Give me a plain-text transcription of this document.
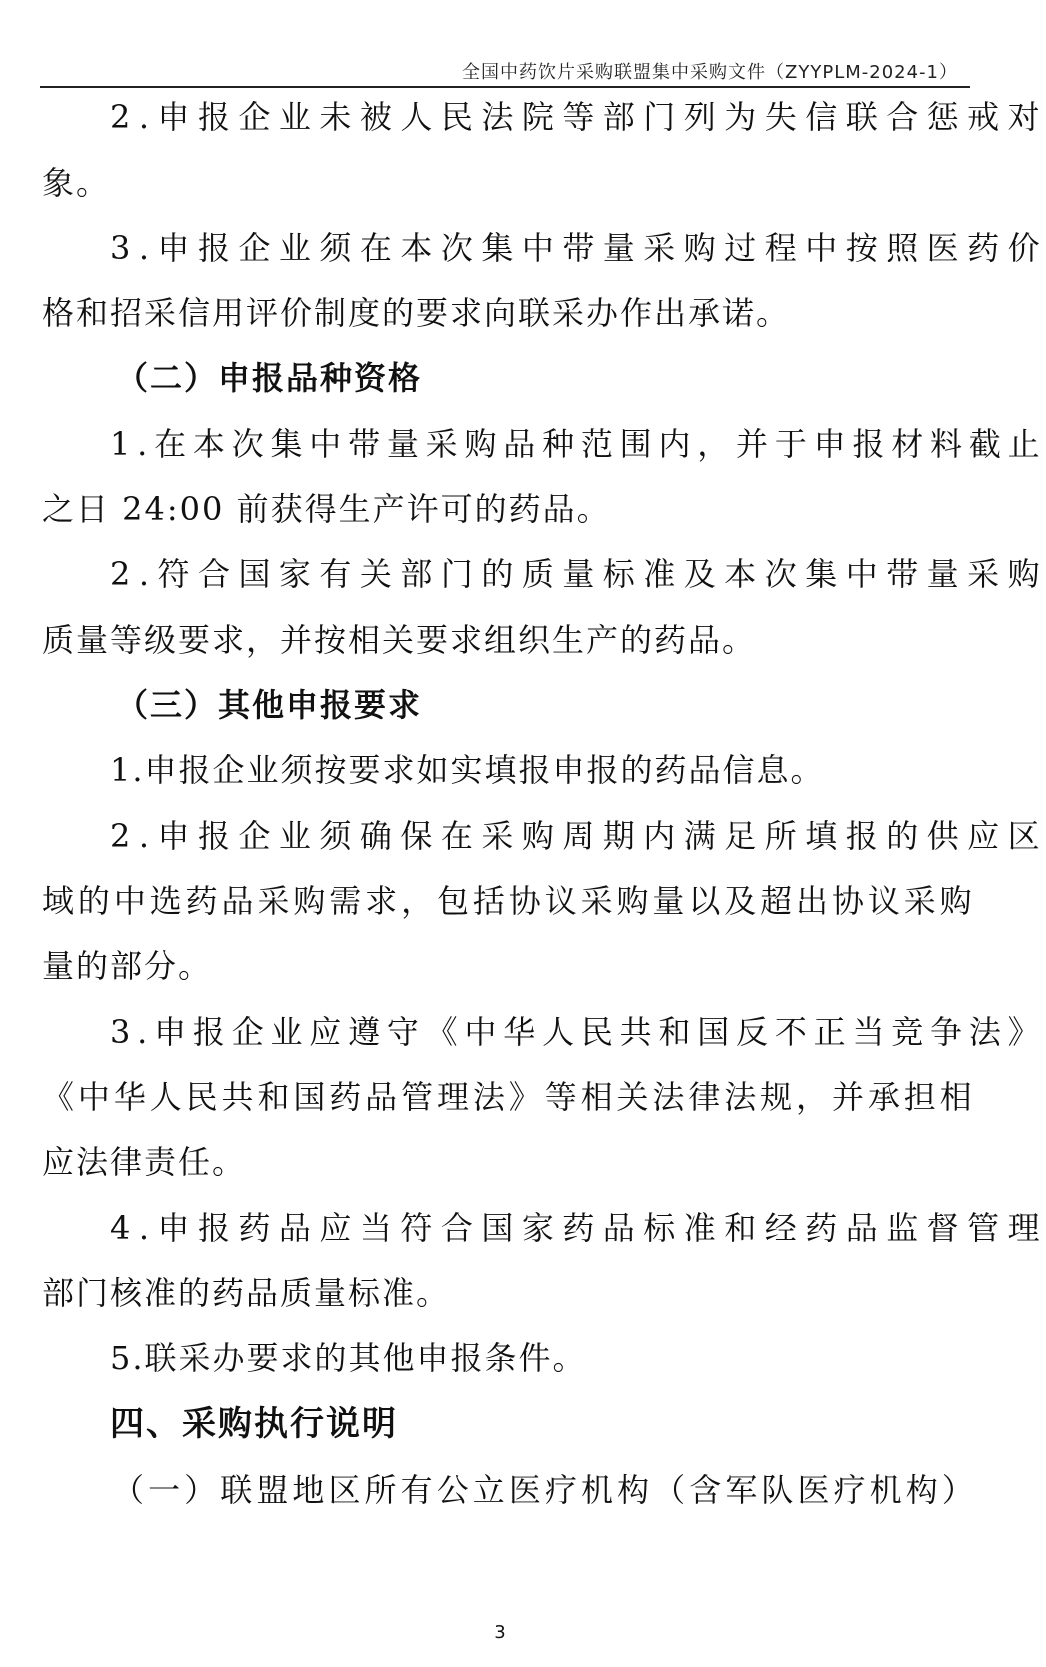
全国中药饮片采购联盟集中采购文件（ZYYPLM-2024-1）
2 . 申 报 企 业 未 被 人 民 法 院 等 部 门 列 为 失 信 联 合 惩 戒 对
象。
3 . 申 报 企 业 须 在 本 次 集 中 带 量 采 购 过 程 中 按 照 医 药 价
格和招采信用评价制度的要求向联采办作出承诺。
（二）申报品种资格
1 . 在 本 次 集 中 带 量 采 购 品 种 范 围 内 ， 并 于 申 报 材 料 截 止
之日 24:00 前获得生产许可的药品。
2 . 符 合 国 家 有 关 部 门 的 质 量 标 准 及 本 次 集 中 带 量 采 购
质量等级要求，并按相关要求组织生产的药品。
（三）其他申报要求
1.申报企业须按要求如实填报申报的药品信息。
2 . 申 报 企 业 须 确 保 在 采 购 周 期 内 满 足 所 填 报 的 供 应 区
域 的 中 选 药 品 采 购 需 求 ， 包 括 协 议 采 购 量 以 及 超 出 协 议 采 购
量的部分。
3 . 申 报 企 业 应 遵 守 《 中 华 人 民 共 和 国 反 不 正 当 竞 争 法 》
《 中 华 人 民 共 和 国 药 品 管 理 法 》 等 相 关 法 律 法 规 ， 并 承 担 相
应法律责任。
4 . 申 报 药 品 应 当 符 合 国 家 药 品 标 准 和 经 药 品 监 督 管 理
部门核准的药品质量标准。
5.联采办要求的其他申报条件。
四、采购执行说明
（ 一 ） 联 盟 地 区 所 有 公 立 医 疗 机 构 （ 含 军 队 医 疗 机 构 ）
3
